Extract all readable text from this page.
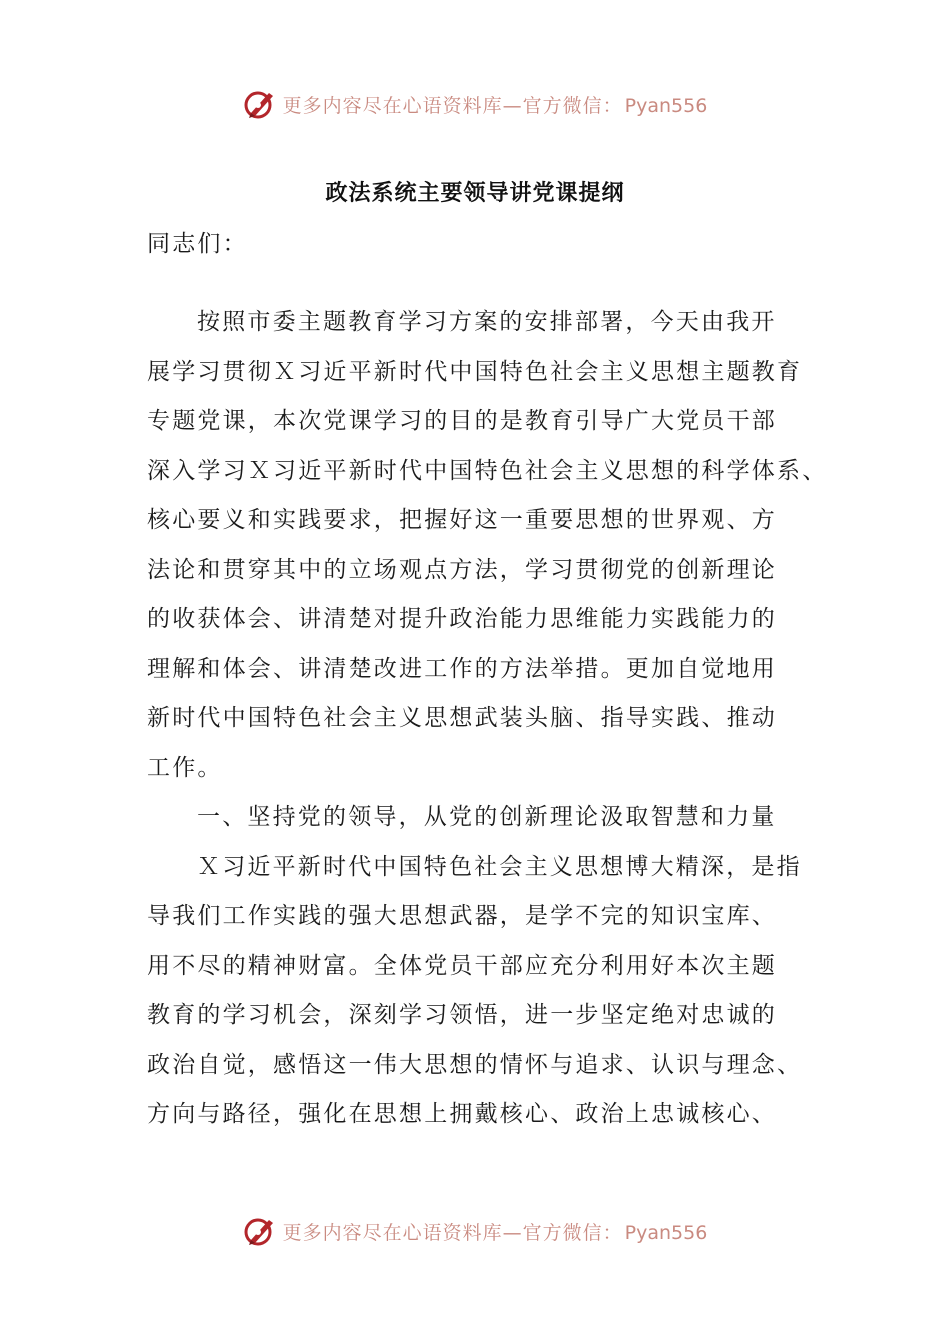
更多内容尽在心语资料库—官方微信： Pyan556
政法系统主要领导讲党课提纲
同志们：
按照市委主题教育学习方案的安排部署，今天由我开
展学习贯彻Ｘ习近平新时代中国特色社会主义思想主题教育
专题党课，本次党课学习的目的是教育引导广大党员干部
深入学习Ｘ习近平新时代中国特色社会主义思想的科学体系、
核心要义和实践要求，把握好这一重要思想的世界观、方
法论和贯穿其中的立场观点方法，学习贯彻党的创新理论
的收获体会、讲清楚对提升政治能力思维能力实践能力的
理解和体会、讲清楚改进工作的方法举措。更加自觉地用
新时代中国特色社会主义思想武装头脑、指导实践、推动
工作。
一、坚持党的领导，从党的创新理论汲取智慧和力量
Ｘ习近平新时代中国特色社会主义思想博大精深，是指
导我们工作实践的强大思想武器，是学不完的知识宝库、
用不尽的精神财富。全体党员干部应充分利用好本次主题
教育的学习机会，深刻学习领悟，进一步坚定绝对忠诚的
政治自觉，感悟这一伟大思想的情怀与追求、认识与理念、
方向与路径，强化在思想上拥戴核心、政治上忠诚核心、
更多内容尽在心语资料库—官方微信： Pyan556
